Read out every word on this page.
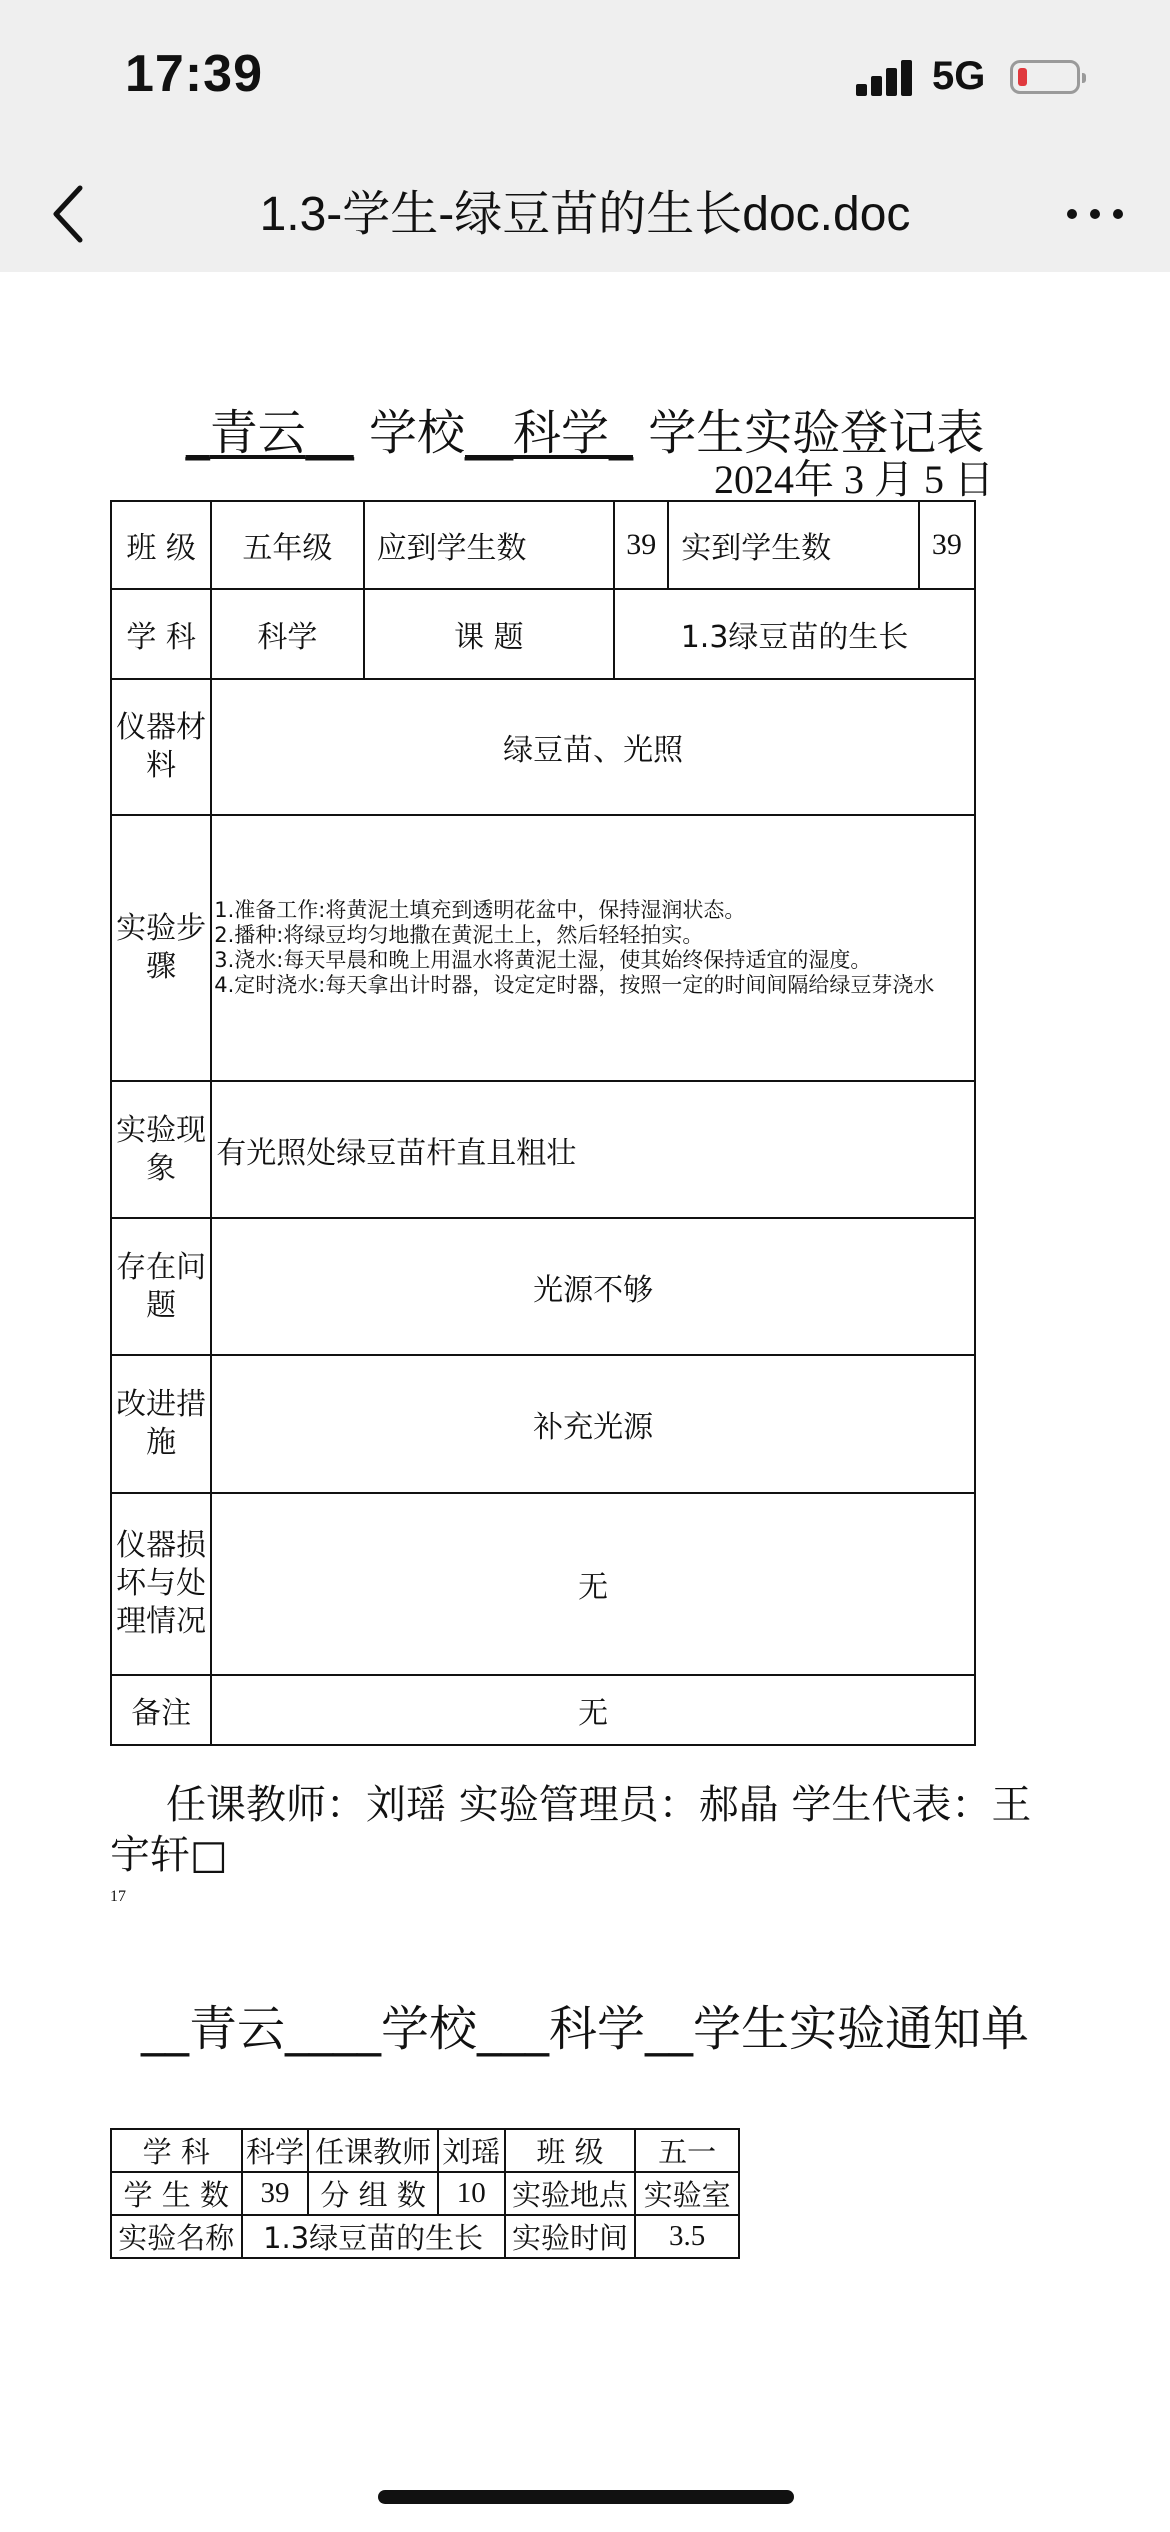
17:39	5G
1.3-学生-绿豆苗的生长doc.doc
_青云__ 学校__科学_ 学生实验登记表
2024年 3 月 5 日
班 级	五年级	应到学生数	39	实到学生数	39
学 科	科学	课 题	1.3绿豆苗的生长		
仪器材料	绿豆苗、光照				
实验步骤	1.准备工作:将黄泥土填充到透明花盆中，保持湿润状态。
2.播种:将绿豆均匀地撒在黄泥土上，然后轻轻拍实。
3.浇水:每天早晨和晚上用温水将黄泥土湿，使其始终保持适宜的湿度。
4.定时浇水:每天拿出计时器，设定定时器，按照一定的时间间隔给绿豆芽浇水				

实验现象	有光照处绿豆苗杆直且粗壮				
存在问题	光源不够				
改进措施	补充光源				
仪器损坏与处理情况	无				
备注	无				
任课教师：刘瑶 实验管理员：郝晶 学生代表：王宇轩□
17
__青云____学校___科学__学生实验通知单
学 科	科学	任课教师	刘瑶	班 级	五一
学 生 数	39	分 组 数	10	实验地点	实验室
实验名称	1.3绿豆苗的生长			实验时间	3.5
